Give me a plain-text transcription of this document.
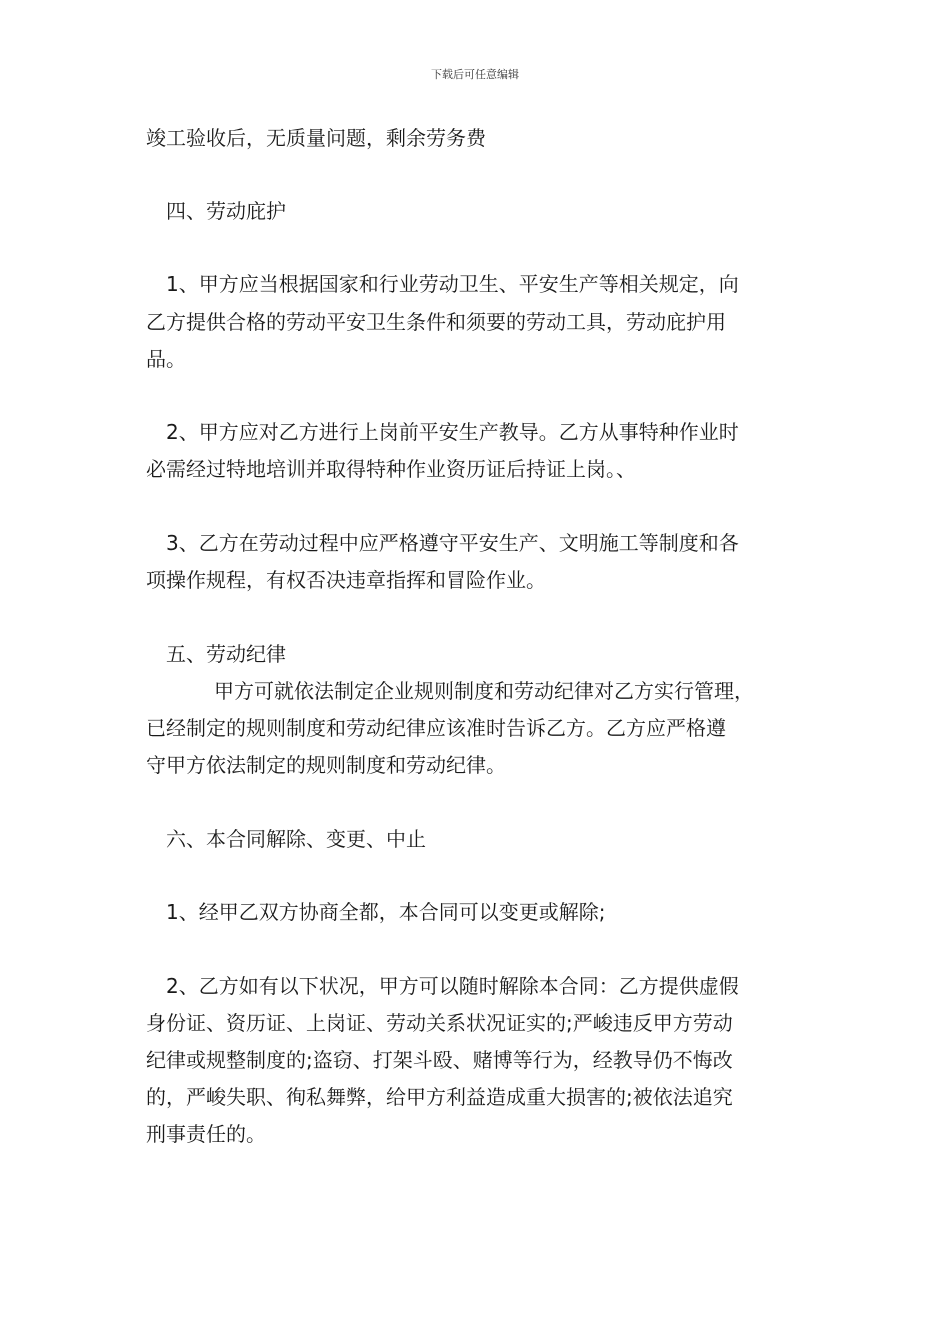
下载后可任意编辑
竣工验收后，无质量问题，剩余劳务费
四、劳动庇护
1、甲方应当根据国家和行业劳动卫生、平安生产等相关规定，向
乙方提供合格的劳动平安卫生条件和须要的劳动工具，劳动庇护用
品。
2、甲方应对乙方进行上岗前平安生产教导。乙方从事特种作业时
必需经过特地培训并取得特种作业资历证后持证上岗。、
3、乙方在劳动过程中应严格遵守平安生产、文明施工等制度和各
项操作规程，有权否决违章指挥和冒险作业。
五、劳动纪律
甲方可就依法制定企业规则制度和劳动纪律对乙方实行管理，
已经制定的规则制度和劳动纪律应该准时告诉乙方。乙方应严格遵
守甲方依法制定的规则制度和劳动纪律。
六、本合同解除、变更、中止
1、经甲乙双方协商全都，本合同可以变更或解除;
2、乙方如有以下状况，甲方可以随时解除本合同：乙方提供虚假
身份证、资历证、上岗证、劳动关系状况证实的;严峻违反甲方劳动
纪律或规整制度的;盗窃、打架斗殴、赌博等行为，经教导仍不悔改
的，严峻失职、徇私舞弊，给甲方利益造成重大损害的;被依法追究
刑事责任的。
